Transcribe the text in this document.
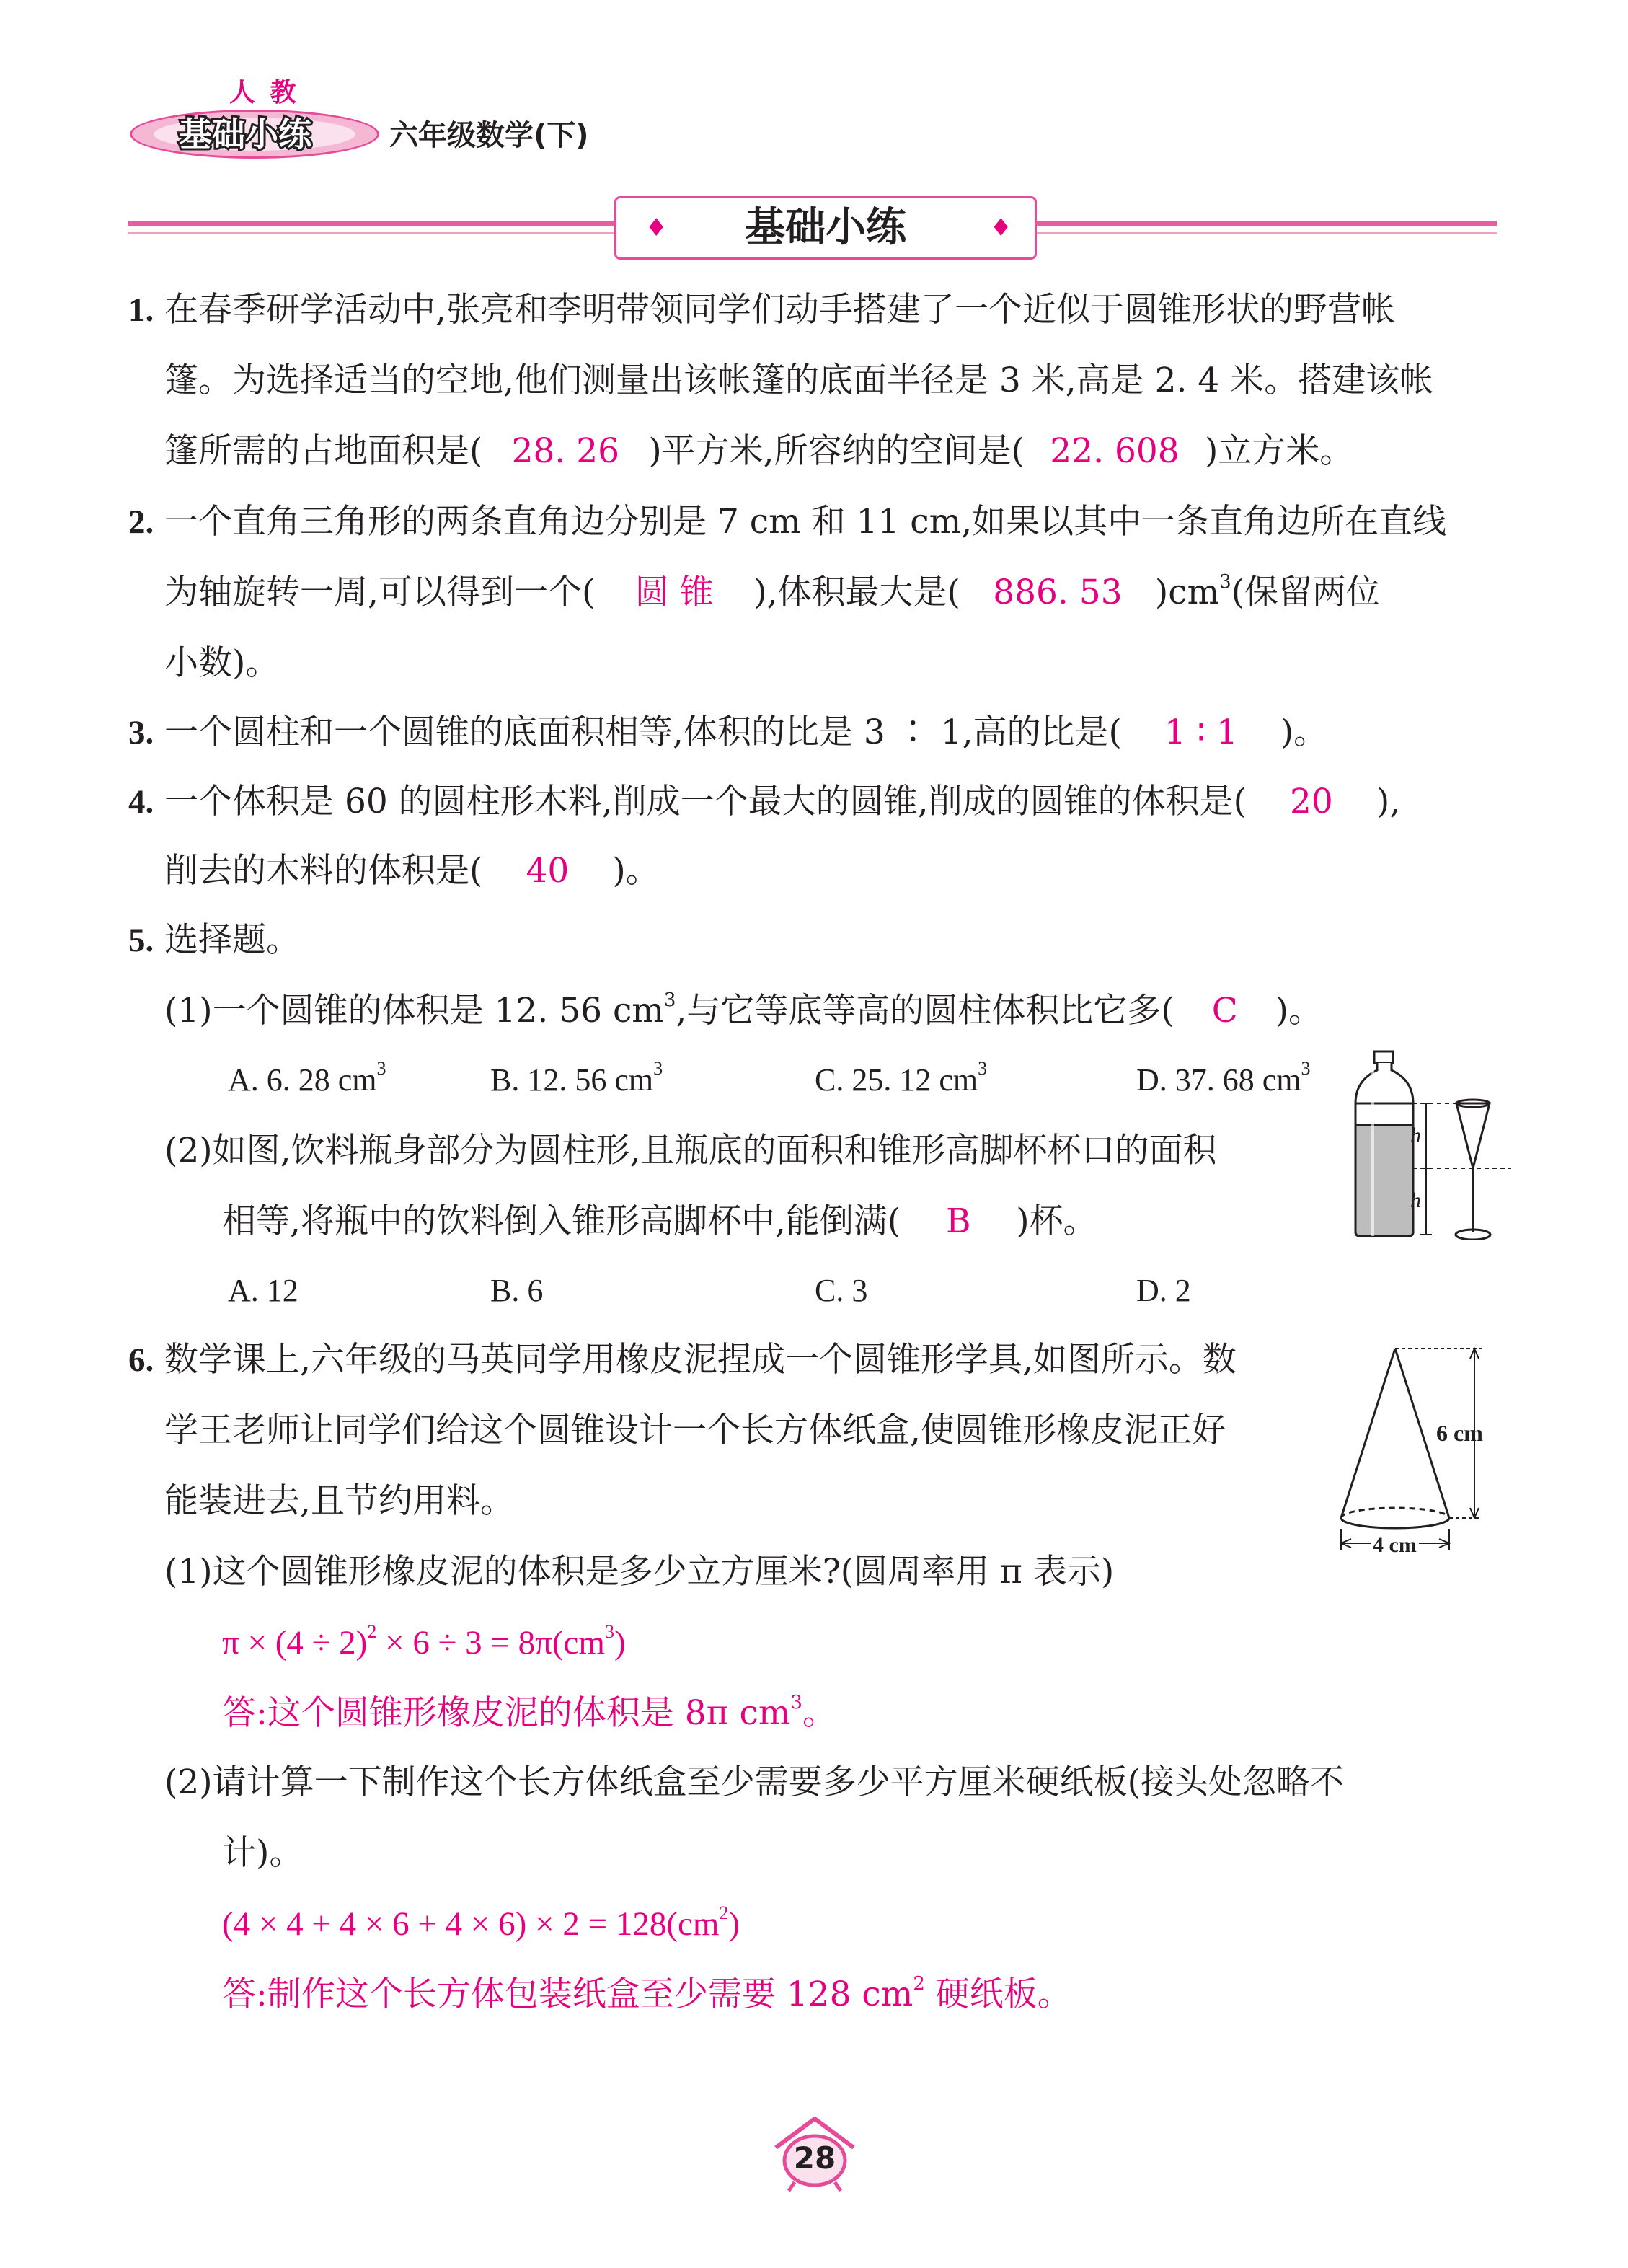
人 教
基础小练	六年级数学(下)
♦	基础小练	♦
1. 在春季研学活动中,张亮和李明带领同学们动手搭建了一个近似于圆锥形状的野营帐
篷。为选择适当的空地,他们测量出该帐篷的底面半径是 3 米,高是 2. 4 米。搭建该帐
篷所需的占地面积是( 28. 26 )平方米,所容纳的空间是( 22. 608 )立方米。
2. 一个直角三角形的两条直角边分别是 7 cm 和 11 cm,如果以其中一条直角边所在直线
为轴旋转一周,可以得到一个( 圆 锥 ),体积最大是( 886. 53 )$cm^3$(保留两位
小数)。
3. 一个圆柱和一个圆锥的底面积相等,体积的比是 3 ∶ 1,高的比是( 1 ∶ 1 )。
4. 一个体积是 60 的圆柱形木料,削成一个最大的圆锥,削成的圆锥的体积是( 20 ),
削去的木料的体积是( 40 )。
5. 选择题。
(1)一个圆锥的体积是 12. 56 $cm^3$,与它等底等高的圆柱体积比它多( C )。
A. 6. 28 $cm^3$	B. 12. 56 $cm^3$	C. 25. 12 $cm^3$	D. 37. 68 $cm^3$
(2)如图,饮料瓶身部分为圆柱形,且瓶底的面积和锥形高脚杯杯口的面积
相等,将瓶中的饮料倒入锥形高脚杯中,能倒满( B )杯。
A. 12	B. 6	C. 3	D. 2
h
h
6. 数学课上,六年级的马英同学用橡皮泥捏成一个圆锥形学具,如图所示。数
学王老师让同学们给这个圆锥设计一个长方体纸盒,使圆锥形橡皮泥正好
能装进去,且节约用料。
6 cm
4 cm
(1)这个圆锥形橡皮泥的体积是多少立方厘米?(圆周率用 π 表示)
$\pi \times (4 \div 2)^2 \times 6 \div 3 = 8\pi(cm^3)$
答:这个圆锥形橡皮泥的体积是 8π $cm^3$。
(2)请计算一下制作这个长方体纸盒至少需要多少平方厘米硬纸板(接头处忽略不
计)。
$(4 \times 4 + 4 \times 6 + 4 \times 6) \times 2 = 128(cm^2)$
答:制作这个长方体包装纸盒至少需要 128 $cm^2$ 硬纸板。
28
